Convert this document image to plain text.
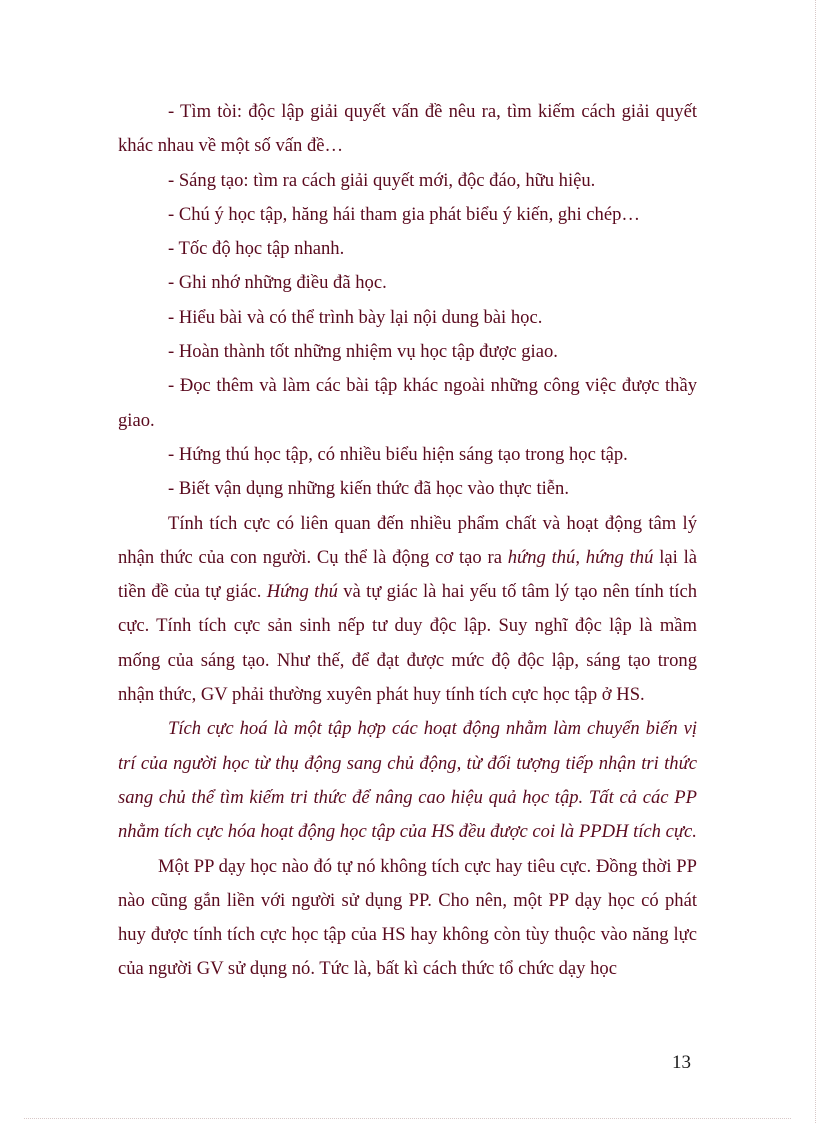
- Tìm tòi: độc lập giải quyết vấn đề nêu ra, tìm kiếm cách giải quyết khác nhau về một số vấn đề…

- Sáng tạo: tìm ra cách giải quyết mới, độc đáo, hữu hiệu.

- Chú ý học tập, hăng hái tham gia phát biểu ý kiến, ghi chép…

- Tốc độ học tập nhanh.

- Ghi nhớ những điều đã học.

- Hiểu bài và có thể trình bày lại nội dung bài học.

- Hoàn thành tốt những nhiệm vụ học tập được giao.

- Đọc thêm và làm các bài tập khác ngoài những công việc được thầy giao.

- Hứng thú học tập, có nhiều biểu hiện sáng tạo trong học tập.

- Biết vận dụng những kiến thức đã học vào thực tiễn.

Tính tích cực có liên quan đến nhiều phẩm chất và hoạt động tâm lý nhận thức của con người. Cụ thể là động cơ tạo ra hứng thú, hứng thú lại là tiền đề của tự giác. Hứng thú và tự giác là hai yếu tố tâm lý tạo nên tính tích cực. Tính tích cực sản sinh nếp tư duy độc lập. Suy nghĩ độc lập là mầm mống của sáng tạo. Như thế, để đạt được mức độ độc lập, sáng tạo trong nhận thức, GV phải thường xuyên phát huy tính tích cực học tập ở HS.

Tích cực hoá là một tập hợp các hoạt động nhằm làm chuyển biến vị trí của người học từ thụ động sang chủ động, từ đối tượng tiếp nhận tri thức sang chủ thể tìm kiếm tri thức để nâng cao hiệu quả học tập. Tất cả các PP nhằm tích cực hóa hoạt động học tập của HS đều được coi là PPDH tích cực.

Một PP dạy học nào đó tự nó không tích cực hay tiêu cực. Đồng thời PP nào cũng gắn liền với người sử dụng PP. Cho nên, một PP dạy học có phát huy được tính tích cực học tập của HS hay không còn tùy thuộc vào năng lực của người GV sử dụng nó. Tức là, bất kì cách thức tổ chức dạy học

13
